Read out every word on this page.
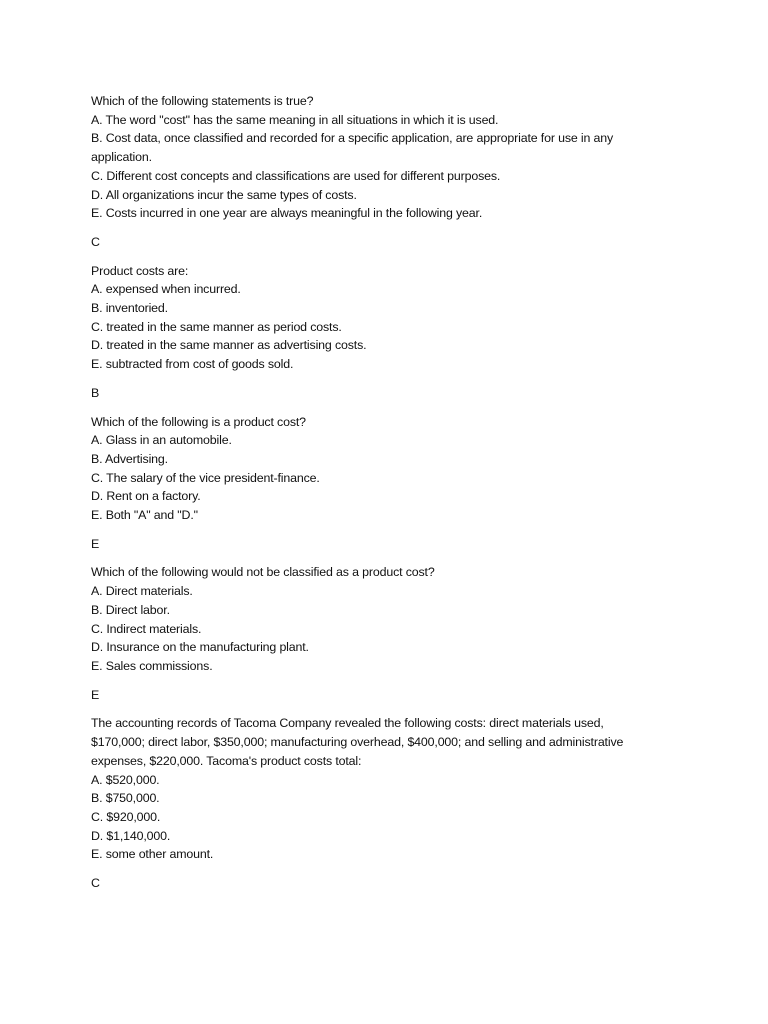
Which of the following statements is true?
A. The word "cost" has the same meaning in all situations in which it is used.
B. Cost data, once classified and recorded for a specific application, are appropriate for use in any
application.
C. Different cost concepts and classifications are used for different purposes.
D. All organizations incur the same types of costs.
E. Costs incurred in one year are always meaningful in the following year.
C
Product costs are:
A. expensed when incurred.
B. inventoried.
C. treated in the same manner as period costs.
D. treated in the same manner as advertising costs.
E. subtracted from cost of goods sold.
B
Which of the following is a product cost?
A. Glass in an automobile.
B. Advertising.
C. The salary of the vice president-finance.
D. Rent on a factory.
E. Both "A" and "D."
E
Which of the following would not be classified as a product cost?
A. Direct materials.
B. Direct labor.
C. Indirect materials.
D. Insurance on the manufacturing plant.
E. Sales commissions.
E
The accounting records of Tacoma Company revealed the following costs: direct materials used,
$170,000; direct labor, $350,000; manufacturing overhead, $400,000; and selling and administrative
expenses, $220,000. Tacoma's product costs total:
A. $520,000.
B. $750,000.
C. $920,000.
D. $1,140,000.
E. some other amount.
C
